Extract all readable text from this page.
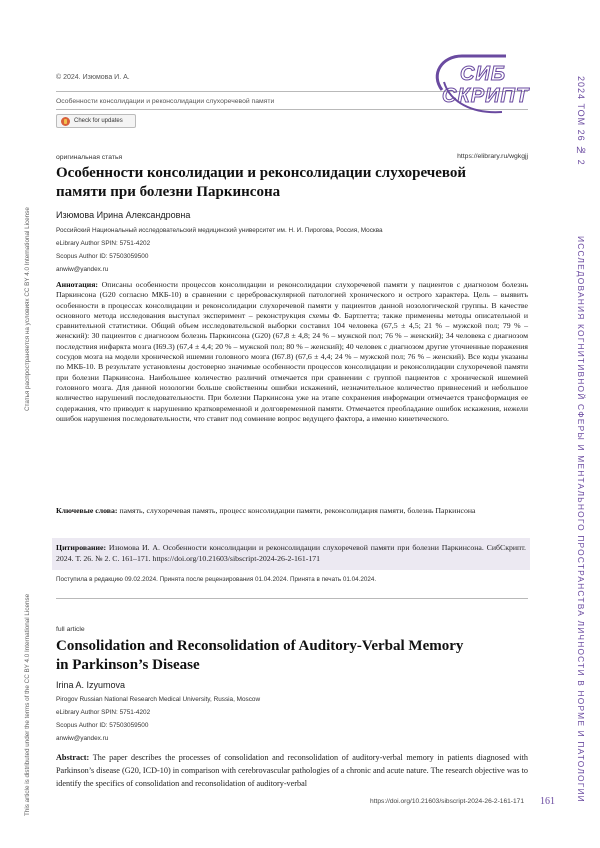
Статья распространяется на условиях CC BY 4.0 International License
This article is distributed under the terms of the CC BY 4.0 International License
2024 ТОМ 26 № 2
ИССЛЕДОВАНИЯ КОГНИТИВНОЙ СФЕРЫ И МЕНТАЛЬНОГО ПРОСТРАНСТВА ЛИЧНОСТИ В НОРМЕ И ПАТОЛОГИИ
© 2024. Изюмова И. А.
Особенности консолидации и реконсолидации слухоречевой памяти
Check for updates
СИБ
СКРИПТ
оригинальная статья	https://elibrary.ru/wgkgjj
Особенности консолидации и реконсолидации слухоречевой
памяти при болезни Паркинсона
Изюмова Ирина Александровна
Российский Национальный исследовательский медицинский университет им. Н. И. Пирогова, Россия, Москва
eLibrary Author SPIN: 5751-4202
Scopus Author ID: 57503059500
anwiw@yandex.ru
Аннотация: Описаны особенности процессов консолидации и реконсолидации слухоречевой памяти у пациентов с диагнозом болезнь Паркинсона (G20 согласно МКБ-10) в сравнении с цереброваскулярной патологией хронического и острого характера. Цель – выявить особенности в процессах консолидации и реконсолидации слухоречевой памяти у пациентов данной нозологической группы. В качестве основного метода исследования выступал эксперимент – реконструкция схемы Ф. Бартлетта; также применены методы описательной и сравнительной статистики. Общий объем исследовательской выборки составил 104 человека (67,5 ± 4,5; 21 % – мужской пол; 79 % – женский): 30 пациентов с диагнозом болезнь Паркинсона (G20) (67,8 ± 4,8; 24 % – мужской пол; 76 % – женский); 34 человека с диагнозом последствия инфаркта мозга (I69.3) (67,4 ± 4,4; 20 % – мужской пол; 80 % – женский); 40 человек с диагнозом другие уточненные поражения сосудов мозга на модели хронической ишемии головного мозга (I67.8) (67,6 ± 4,4; 24 % – мужской пол; 76 % – женский). Все коды указаны по МКБ-10. В результате установлены достоверно значимые особенности процессов консолидации и реконсолидации слухоречевой памяти при болезни Паркинсона. Наибольшее количество различий отмечается при сравнении с группой пациентов с хронической ишемией головного мозга. Для данной нозологии больше свойственны ошибки искажений, незначительное количество привнесений и небольшое количество нарушений последовательности. При болезни Паркинсона уже на этапе сохранения информации отмечается трансформация ее содержания, что приводит к нарушению кратковременной и долговременной памяти. Отмечается преобладание ошибок искажения, нежели ошибок нарушения последовательности, что ставит под сомнение вопрос ведущего фактора, а именно кинетического.
Ключевые слова: память, слухоречевая память, процесс консолидации памяти, реконсолидация памяти, болезнь Паркинсона
Цитирование: Изюмова И. А. Особенности консолидации и реконсолидации слухоречевой памяти при болезни Паркинсона. СибСкрипт. 2024. Т. 26. № 2. С. 161–171. https://doi.org/10.21603/sibscript-2024-26-2-161-171
Поступила в редакцию 09.02.2024. Принята после рецензирования 01.04.2024. Принята в печать 01.04.2024.
full article
Consolidation and Reconsolidation of Auditory-Verbal Memory
in Parkinson’s Disease
Irina A. Izyumova
Pirogov Russian National Research Medical University, Russia, Moscow
eLibrary Author SPIN: 5751-4202
Scopus Author ID: 57503059500
anwiw@yandex.ru
Abstract: The paper describes the processes of consolidation and reconsolidation of auditory-verbal memory in patients diagnosed with Parkinson’s disease (G20, ICD-10) in comparison with cerebrovascular pathologies of a chronic and acute nature. The research objective was to identify the specifics of consolidation and reconsolidation of auditory-verbal
https://doi.org/10.21603/sibscript-2024-26-2-161-171 161
